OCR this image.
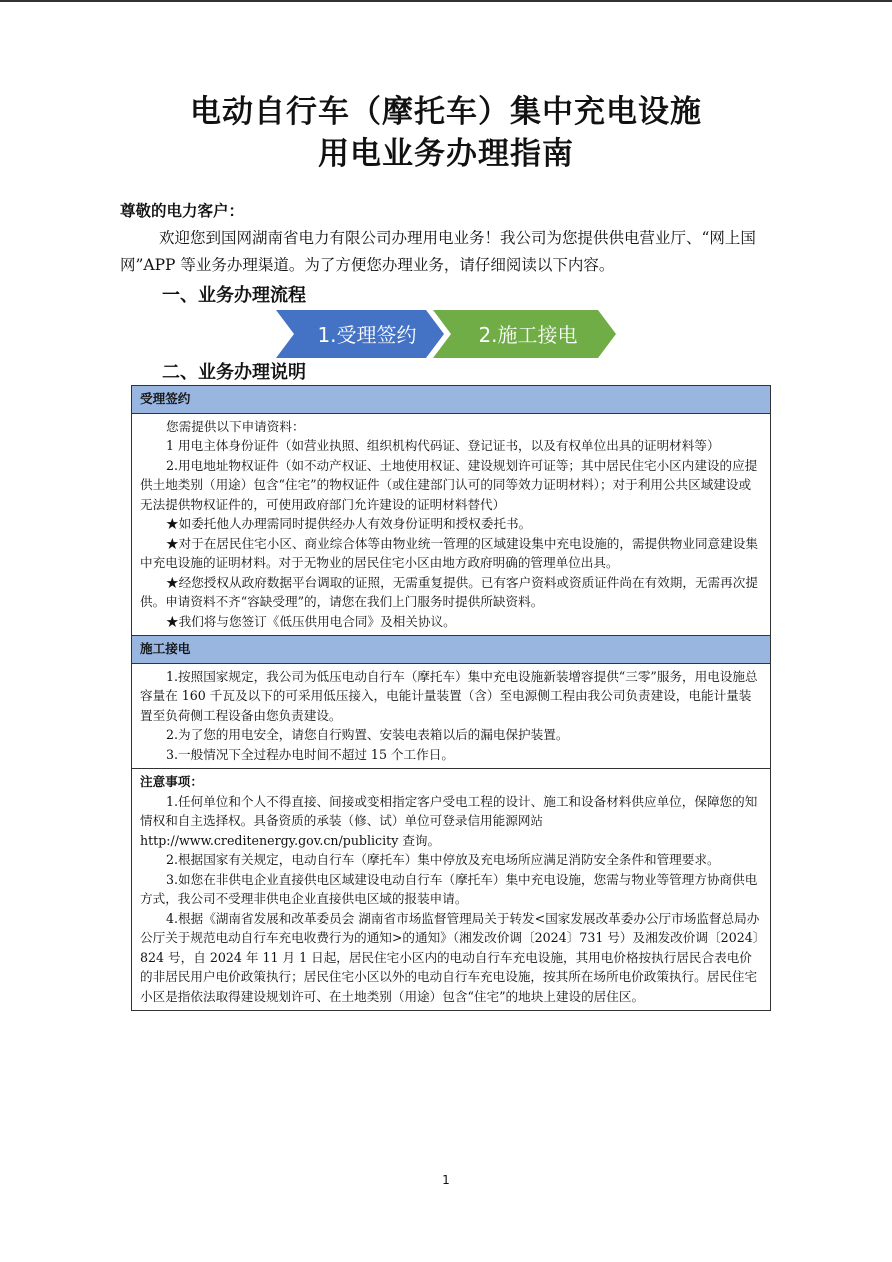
电动自行车（摩托车）集中充电设施
用电业务办理指南
尊敬的电力客户：
欢迎您到国网湖南省电力有限公司办理用电业务！我公司为您提供供电营业厅、“网上国网”APP 等业务办理渠道。为了方便您办理业务，请仔细阅读以下内容。
一、业务办理流程
1.受理签约	2.施工接电
二、业务办理说明
受理签约

您需提供以下申请资料：

1 用电主体身份证件（如营业执照、组织机构代码证、登记证书，以及有权单位出具的证明材料等）

2.用电地址物权证件（如不动产权证、土地使用权证、建设规划许可证等；其中居民住宅小区内建设的应提供土地类别（用途）包含“住宅”的物权证件（或住建部门认可的同等效力证明材料）；对于利用公共区域建设或无法提供物权证件的，可使用政府部门允许建设的证明材料替代）

★如委托他人办理需同时提供经办人有效身份证明和授权委托书。

★对于在居民住宅小区、商业综合体等由物业统一管理的区域建设集中充电设施的，需提供物业同意建设集中充电设施的证明材料。对于无物业的居民住宅小区由地方政府明确的管理单位出具。

★经您授权从政府数据平台调取的证照，无需重复提供。已有客户资料或资质证件尚在有效期，无需再次提供。申请资料不齐“容缺受理”的，请您在我们上门服务时提供所缺资料。

★我们将与您签订《低压供用电合同》及相关协议。

施工接电

1.按照国家规定，我公司为低压电动自行车（摩托车）集中充电设施新装增容提供“三零”服务，用电设施总容量在 160 千瓦及以下的可采用低压接入，电能计量装置（含）至电源侧工程由我公司负责建设，电能计量装置至负荷侧工程设备由您负责建设。

2.为了您的用电安全，请您自行购置、安装电表箱以后的漏电保护装置。

3.一般情况下全过程办电时间不超过 15 个工作日。

注意事项：

1.任何单位和个人不得直接、间接或变相指定客户受电工程的设计、施工和设备材料供应单位，保障您的知情权和自主选择权。具备资质的承装（修、试）单位可登录信用能源网站 http://www.creditenergy.gov.cn/publicity 查询。

2.根据国家有关规定，电动自行车（摩托车）集中停放及充电场所应满足消防安全条件和管理要求。

3.如您在非供电企业直接供电区域建设电动自行车（摩托车）集中充电设施，您需与物业等管理方协商供电方式，我公司不受理非供电企业直接供电区域的报装申请。

4.根据《湖南省发展和改革委员会 湖南省市场监督管理局关于转发<国家发展改革委办公厅市场监督总局办公厅关于规范电动自行车充电收费行为的通知>的通知》（湘发改价调〔2024〕731 号）及湘发改价调〔2024〕824 号，自 2024 年 11 月 1 日起，居民住宅小区内的电动自行车充电设施，其用电价格按执行居民合表电价的非居民用户电价政策执行；居民住宅小区以外的电动自行车充电设施，按其所在场所电价政策执行。居民住宅小区是指依法取得建设规划许可、在土地类别（用途）包含“住宅”的地块上建设的居住区。

1
